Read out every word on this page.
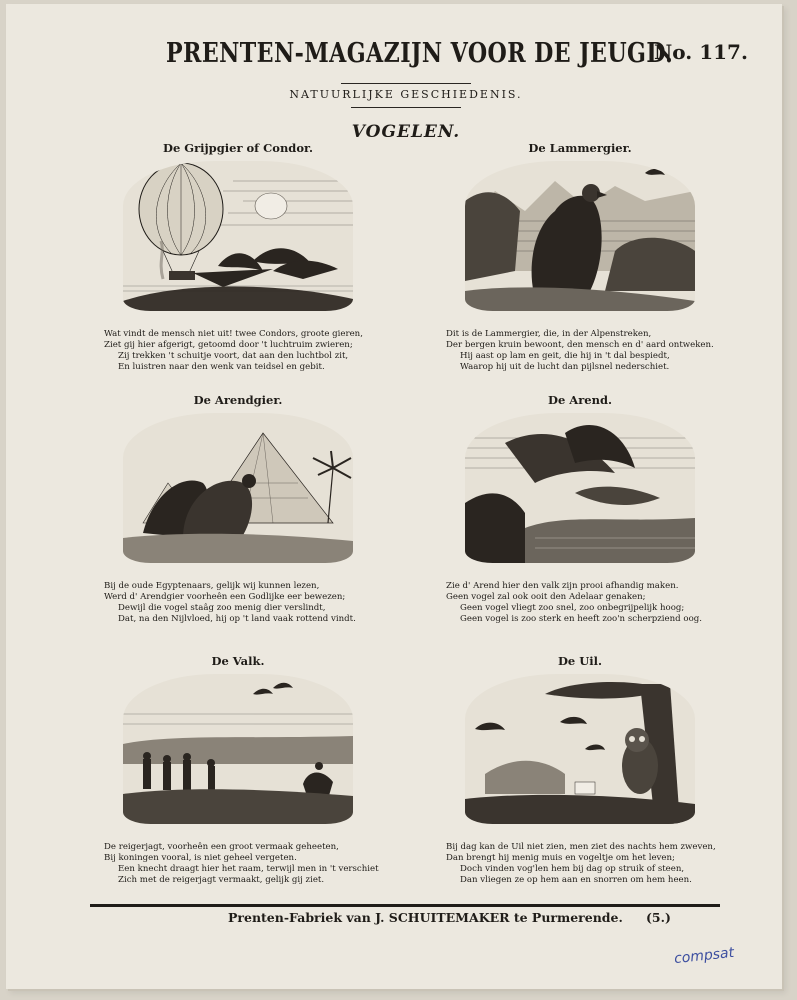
PRENTEN-MAGAZIJN VOOR DE JEUGD.
No. 117.
NATUURLIJKE GESCHIEDENIS.
VOGELEN.
De Grijpgier of Condor.
Wat vindt de mensch niet uit! twee Condors, groote gieren,
Ziet gij hier afgerigt, getoomd door 't luchtruim zwieren;
Zij trekken 't schuitje voort, dat aan den luchtbol zit,
En luistren naar den wenk van teidsel en gebit.
De Lammergier.
Dit is de Lammergier, die, in der Alpenstreken,
Der bergen kruin bewoont, den mensch en d' aard ontweken.
Hij aast op lam en geit, die hij in 't dal bespiedt,
Waarop hij uit de lucht dan pijlsnel nederschiet.
De Arendgier.
Bij de oude Egyptenaars, gelijk wij kunnen lezen,
Werd d' Arendgier voorheên een Godlijke eer bewezen;
Dewijl die vogel staâg zoo menig dier verslindt,
Dat, na den Nijlvloed, hij op 't land vaak rottend vindt.
De Arend.
Zie d' Arend hier den valk zijn prooi afhandig maken.
Geen vogel zal ook ooit den Adelaar genaken;
Geen vogel vliegt zoo snel, zoo onbegrijpelijk hoog;
Geen vogel is zoo sterk en heeft zoo'n scherpziend oog.
De Valk.
De reigerjagt, voorheên een groot vermaak geheeten,
Bij koningen vooral, is niet geheel vergeten.
Een knecht draagt hier het raam, terwijl men in 't verschiet
Zich met de reigerjagt vermaakt, gelijk gij ziet.
De Uil.
Bij dag kan de Uil niet zien, men ziet des nachts hem zweven,
Dan brengt hij menig muis en vogeltje om het leven;
Doch vinden vog'len hem bij dag op struik of steen,
Dan vliegen ze op hem aan en snorren om hem heen.
Prenten-Fabriek van J. SCHUITEMAKER te Purmerende. (5.)
compsat
